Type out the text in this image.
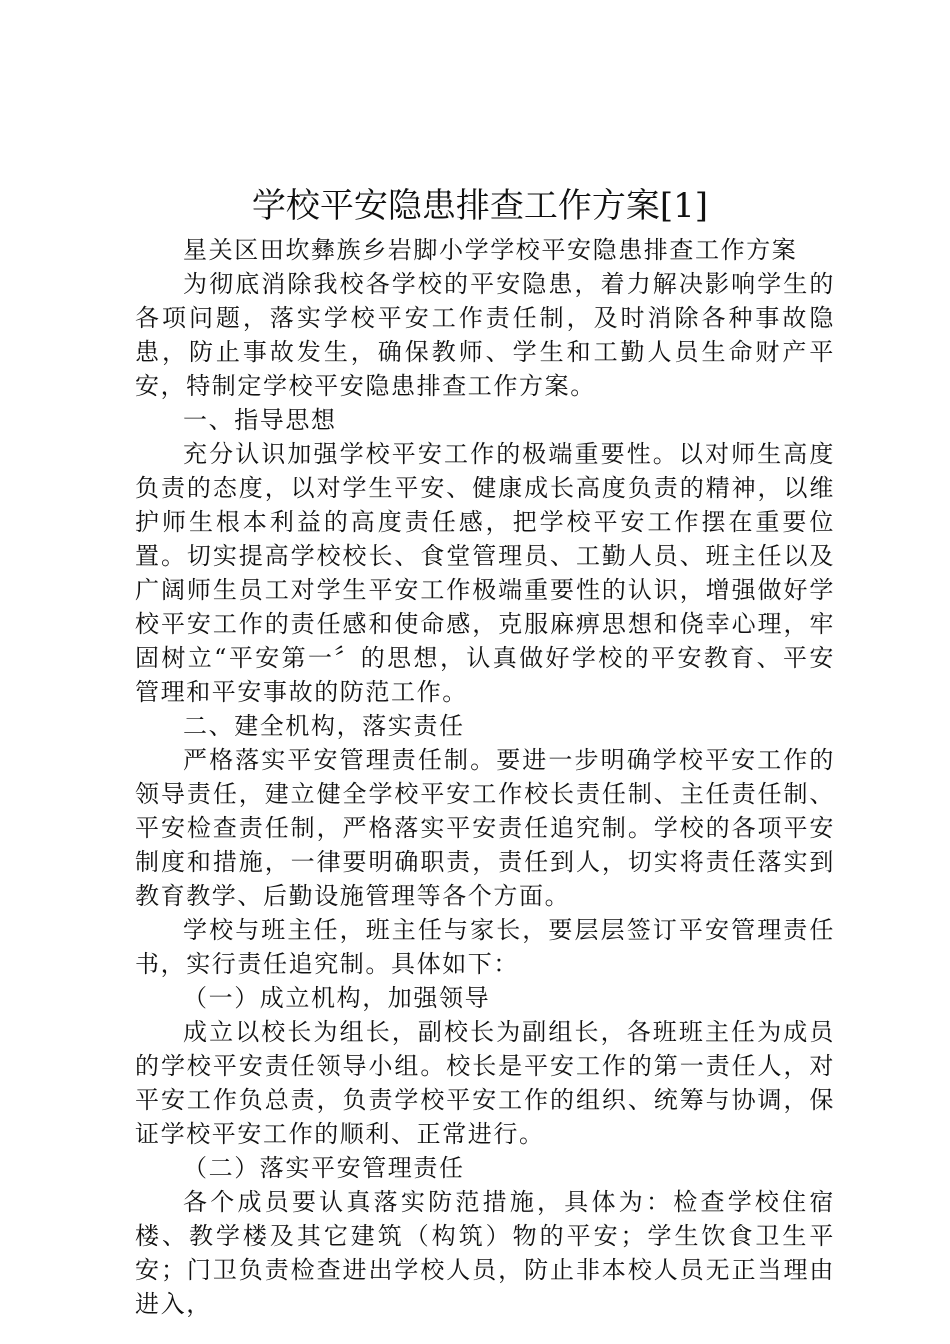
学校平安隐患排查工作方案[1]

星关区田坎彝族乡岩脚小学学校平安隐患排查工作方案

为彻底消除我校各学校的平安隐患，着力解决影响学生的各项问题，落实学校平安工作责任制，及时消除各种事故隐患，防止事故发生，确保教师、学生和工勤人员生命财产平安，特制定学校平安隐患排查工作方案。

一、指导思想

充分认识加强学校平安工作的极端重要性。以对师生高度负责的态度，以对学生平安、健康成长高度负责的精神，以维护师生根本利益的高度责任感，把学校平安工作摆在重要位置。切实提高学校校长、食堂管理员、工勤人员、班主任以及广阔师生员工对学生平安工作极端重要性的认识，增强做好学校平安工作的责任感和使命感，克服麻痹思想和侥幸心理，牢固树立“平安第一〞的思想，认真做好学校的平安教育、平安管理和平安事故的防范工作。

二、建全机构，落实责任

严格落实平安管理责任制。要进一步明确学校平安工作的领导责任，建立健全学校平安工作校长责任制、主任责任制、平安检查责任制，严格落实平安责任追究制。学校的各项平安制度和措施，一律要明确职责，责任到人，切实将责任落实到教育教学、后勤设施管理等各个方面。

学校与班主任，班主任与家长，要层层签订平安管理责任书，实行责任追究制。具体如下：

（一）成立机构，加强领导

成立以校长为组长，副校长为副组长，各班班主任为成员的学校平安责任领导小组。校长是平安工作的第一责任人，对平安工作负总责，负责学校平安工作的组织、统筹与协调，保证学校平安工作的顺利、正常进行。

（二）落实平安管理责任

各个成员要认真落实防范措施，具体为：检查学校住宿楼、教学楼及其它建筑（构筑）物的平安；学生饮食卫生平安；门卫负责检查进出学校人员，防止非本校人员无正当理由进入，
